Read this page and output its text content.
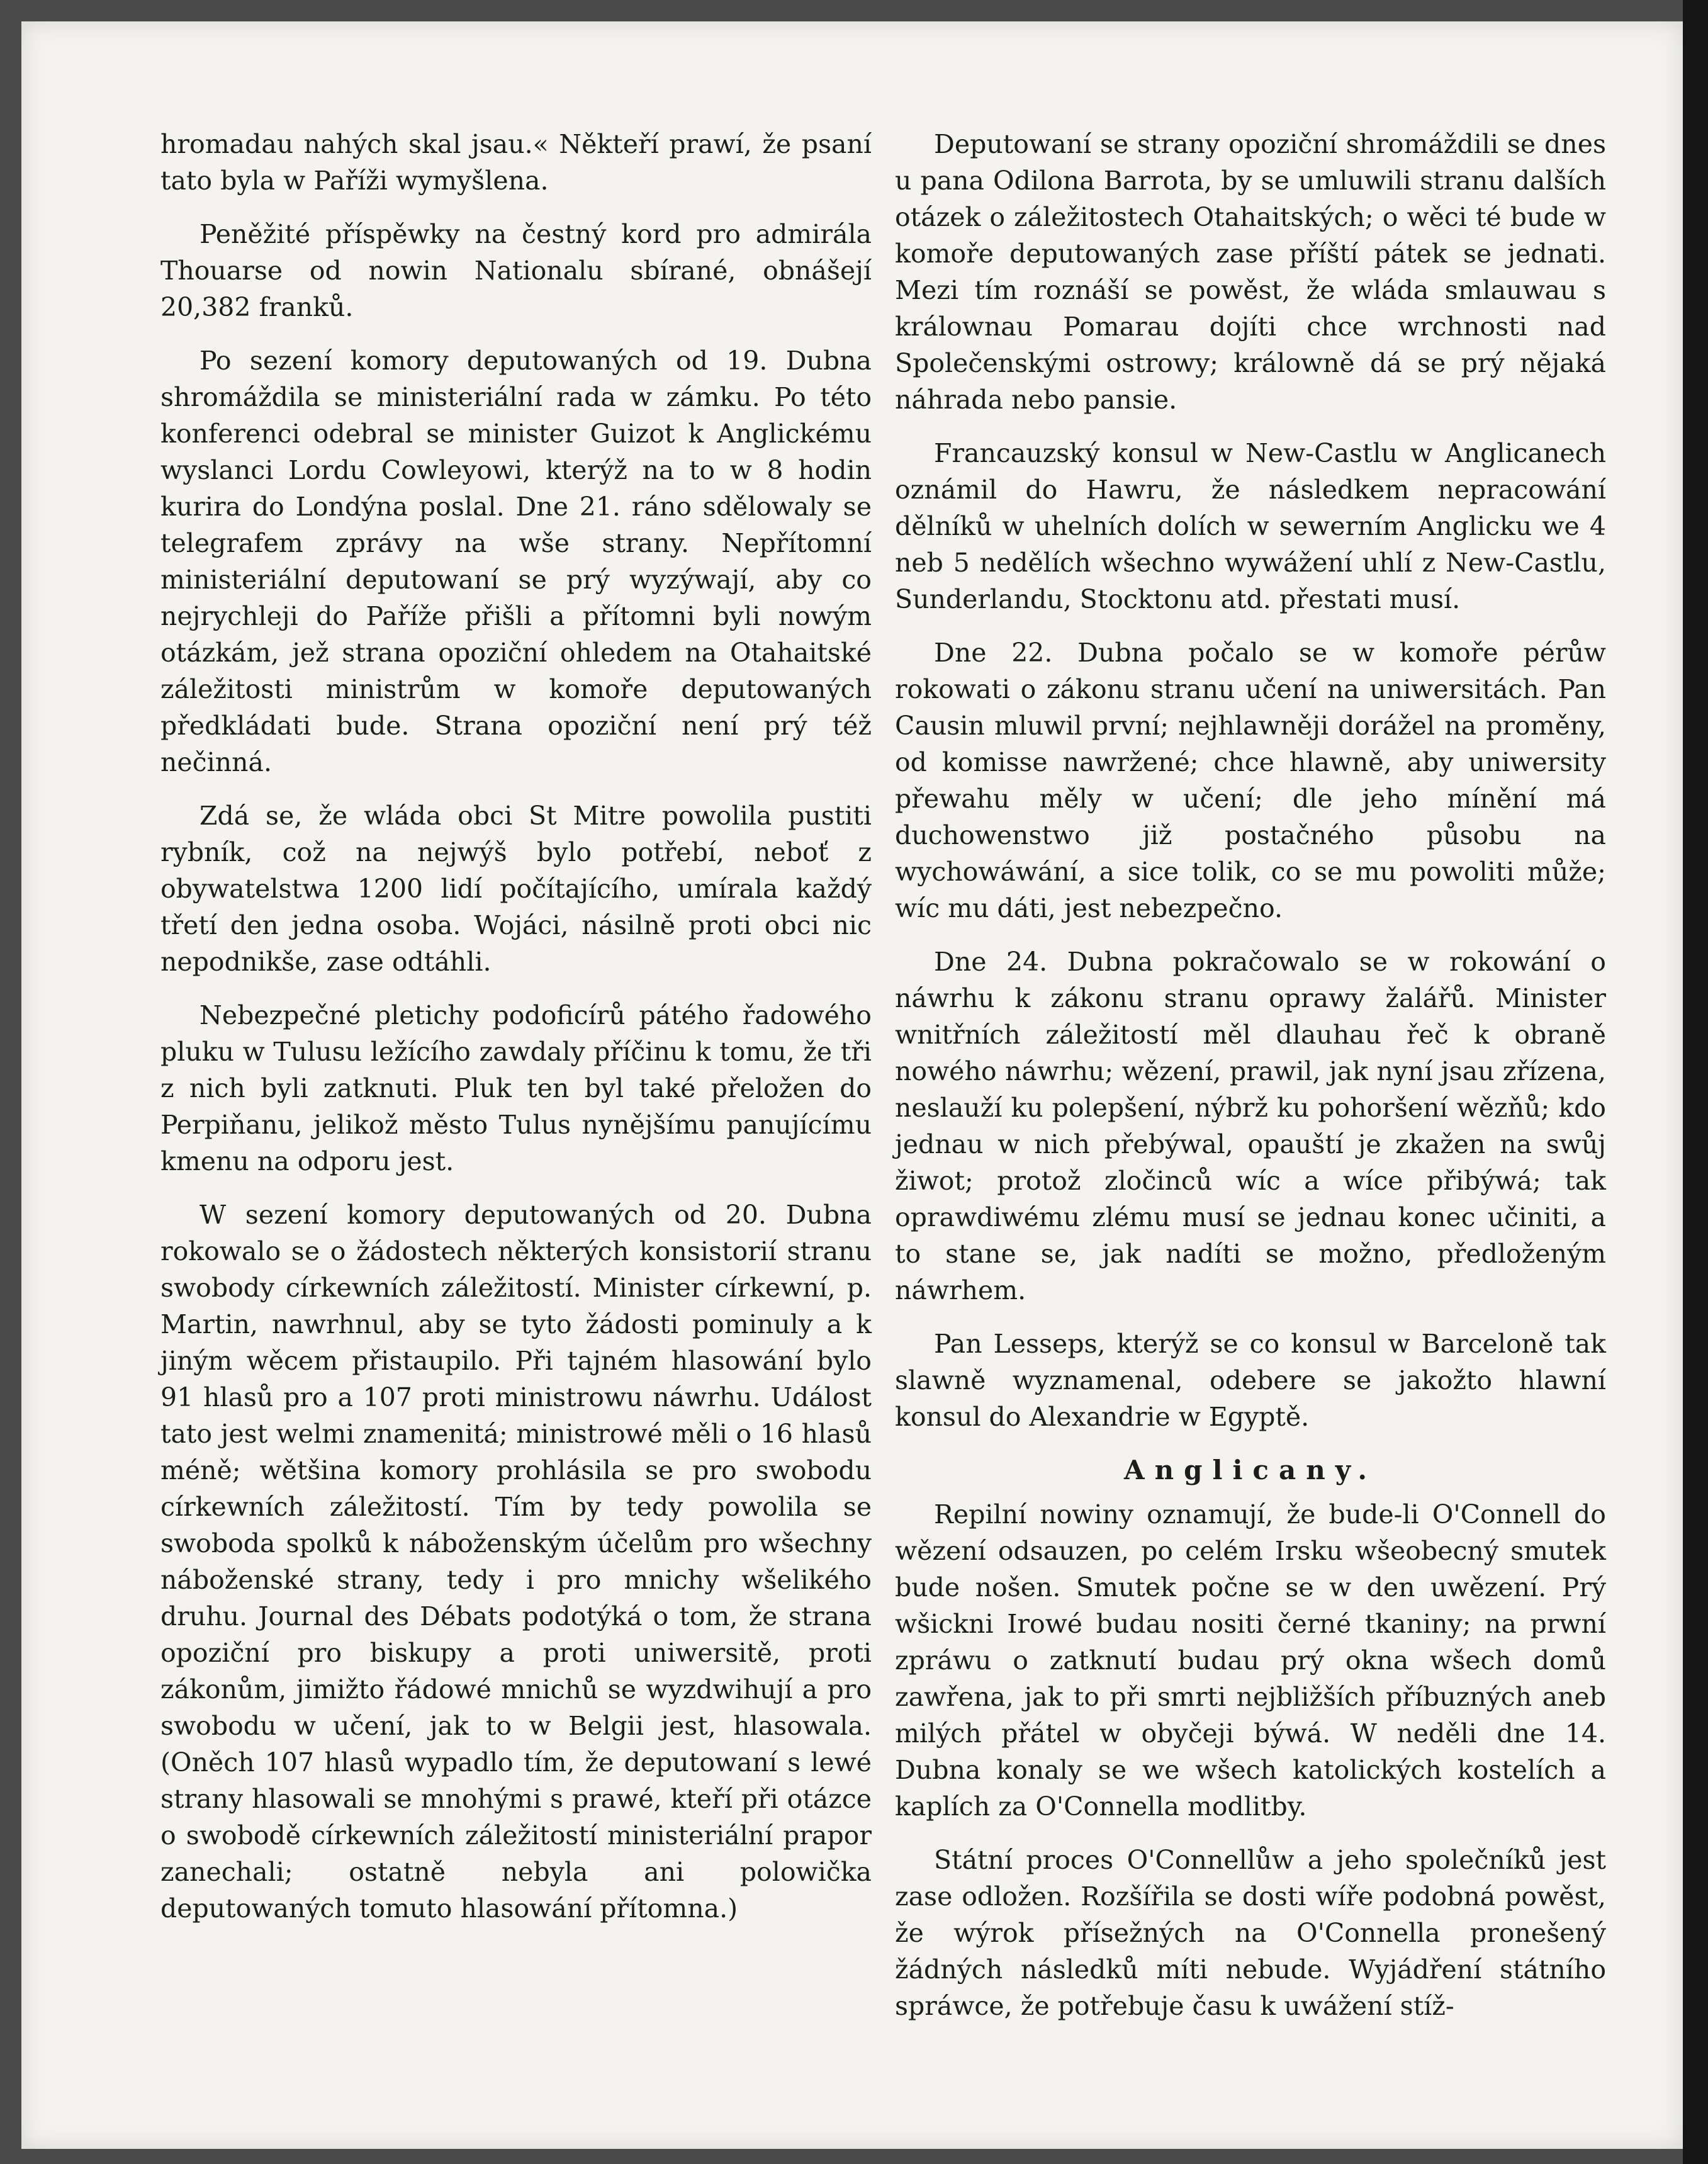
hromadau nahých skal jsau.« Někteří prawí, že psaní tato byla w Paříži wymyšlena.

Peněžité příspěwky na čestný kord pro admirála Thouarse od nowin Nationalu sbírané, obnášejí 20,382 franků.

Po sezení komory deputowaných od 19. Dubna shromáždila se ministeriální rada w zámku. Po této konferenci odebral se minister Guizot k Anglickému wyslanci Lordu Cowleyowi, kterýž na to w 8 hodin kurira do Londýna poslal. Dne 21. ráno sdělowaly se telegrafem zprávy na wše strany. Nepřítomní ministeriální deputowaní se prý wyzýwají, aby co nejrychleji do Paříže přišli a přítomni byli nowým otázkám, jež strana opoziční ohledem na Otahaitské záležitosti ministrům w komoře deputowaných předkládati bude. Strana opoziční není prý též nečinná.

Zdá se, že wláda obci St Mitre powolila pustiti rybník, což na nejwýš bylo potřebí, neboť z obywatelstwa 1200 lidí počítajícího, umírala každý třetí den jedna osoba. Wojáci, násilně proti obci nic nepodnikše, zase odtáhli.

Nebezpečné pletichy podoficírů pátého řadowého pluku w Tulusu ležícího zawdaly příčinu k tomu, že tři z nich byli zatknuti. Pluk ten byl také přeložen do Perpiňanu, jelikož město Tulus nynějšímu panujícímu kmenu na odporu jest.

W sezení komory deputowaných od 20. Dubna rokowalo se o žádostech některých konsistorií stranu swobody církewních záležitostí. Minister církewní, p. Martin, nawrhnul, aby se tyto žádosti pominuly a k jiným wěcem přistaupilo. Při tajném hlasowání bylo 91 hlasů pro a 107 proti ministrowu náwrhu. Událost tato jest welmi znamenitá; ministrowé měli o 16 hlasů méně; wětšina komory prohlásila se pro swobodu církewních záležitostí. Tím by tedy powolila se swoboda spolků k náboženským účelům pro wšechny náboženské strany, tedy i pro mnichy wšelikého druhu. Journal des Débats podotýká o tom, že strana opoziční pro biskupy a proti uniwersitě, proti zákonům, jimižto řádowé mnichů se wyzdwihují a pro swobodu w učení, jak to w Belgii jest, hlasowala. (Oněch 107 hlasů wypadlo tím, že deputowaní s lewé strany hlasowali se mnohými s prawé, kteří při otázce o swobodě církewních záležitostí ministeriální prapor zanechali; ostatně nebyla ani polowička deputowaných tomuto hlasowání přítomna.)

Deputowaní se strany opoziční shromáždili se dnes u pana Odilona Barrota, by se umluwili stranu dalších otázek o záležitostech Otahaitských; o wěci té bude w komoře deputowaných zase příští pátek se jednati. Mezi tím roznáší se powěst, že wláda smlauwau s králownau Pomarau dojíti chce wrchnosti nad Společenskými ostrowy; králowně dá se prý nějaká náhrada nebo pansie.

Francauzský konsul w New-Castlu w Anglicanech oznámil do Hawru, že následkem nepracowání dělníků w uhelních dolích w sewerním Anglicku we 4 neb 5 nedělích wšechno wywážení uhlí z New-Castlu, Sunderlandu, Stocktonu atd. přestati musí.

Dne 22. Dubna počalo se w komoře pérůw rokowati o zákonu stranu učení na uniwersitách. Pan Causin mluwil první; nejhlawněji dorážel na proměny, od komisse nawržené; chce hlawně, aby uniwersity přewahu měly w učení; dle jeho mínění má duchowenstwo již postačného působu na wychowáwání, a sice tolik, co se mu powoliti může; wíc mu dáti, jest nebezpečno.

Dne 24. Dubna pokračowalo se w rokowání o náwrhu k zákonu stranu oprawy žalářů. Minister wnitřních záležitostí měl dlauhau řeč k obraně nowého náwrhu; wězení, prawil, jak nyní jsau zřízena, neslauží ku polepšení, nýbrž ku pohoršení wězňů; kdo jednau w nich přebýwal, opauští je zkažen na swůj žiwot; protož zločinců wíc a wíce přibýwá; tak oprawdiwému zlému musí se jednau konec učiniti, a to stane se, jak nadíti se možno, předloženým náwrhem.

Pan Lesseps, kterýž se co konsul w Barceloně tak slawně wyznamenal, odebere se jakožto hlawní konsul do Alexandrie w Egyptě.

Anglicany.

Repilní nowiny oznamují, že bude-li O'Connell do wězení odsauzen, po celém Irsku wšeobecný smutek bude nošen. Smutek počne se w den uwězení. Prý wšickni Irowé budau nositi černé tkaniny; na prwní zpráwu o zatknutí budau prý okna wšech domů zawřena, jak to při smrti nejbližších příbuzných aneb milých přátel w obyčeji býwá. W neděli dne 14. Dubna konaly se we wšech katolických kostelích a kaplích za O'Connella modlitby.

Státní proces O'Connellůw a jeho společníků jest zase odložen. Rozšířila se dosti wíře podobná powěst, že wýrok přísežných na O'Connella pronešený žádných následků míti nebude. Wyjádření státního spráwce, že potřebuje času k uwážení stíž-
